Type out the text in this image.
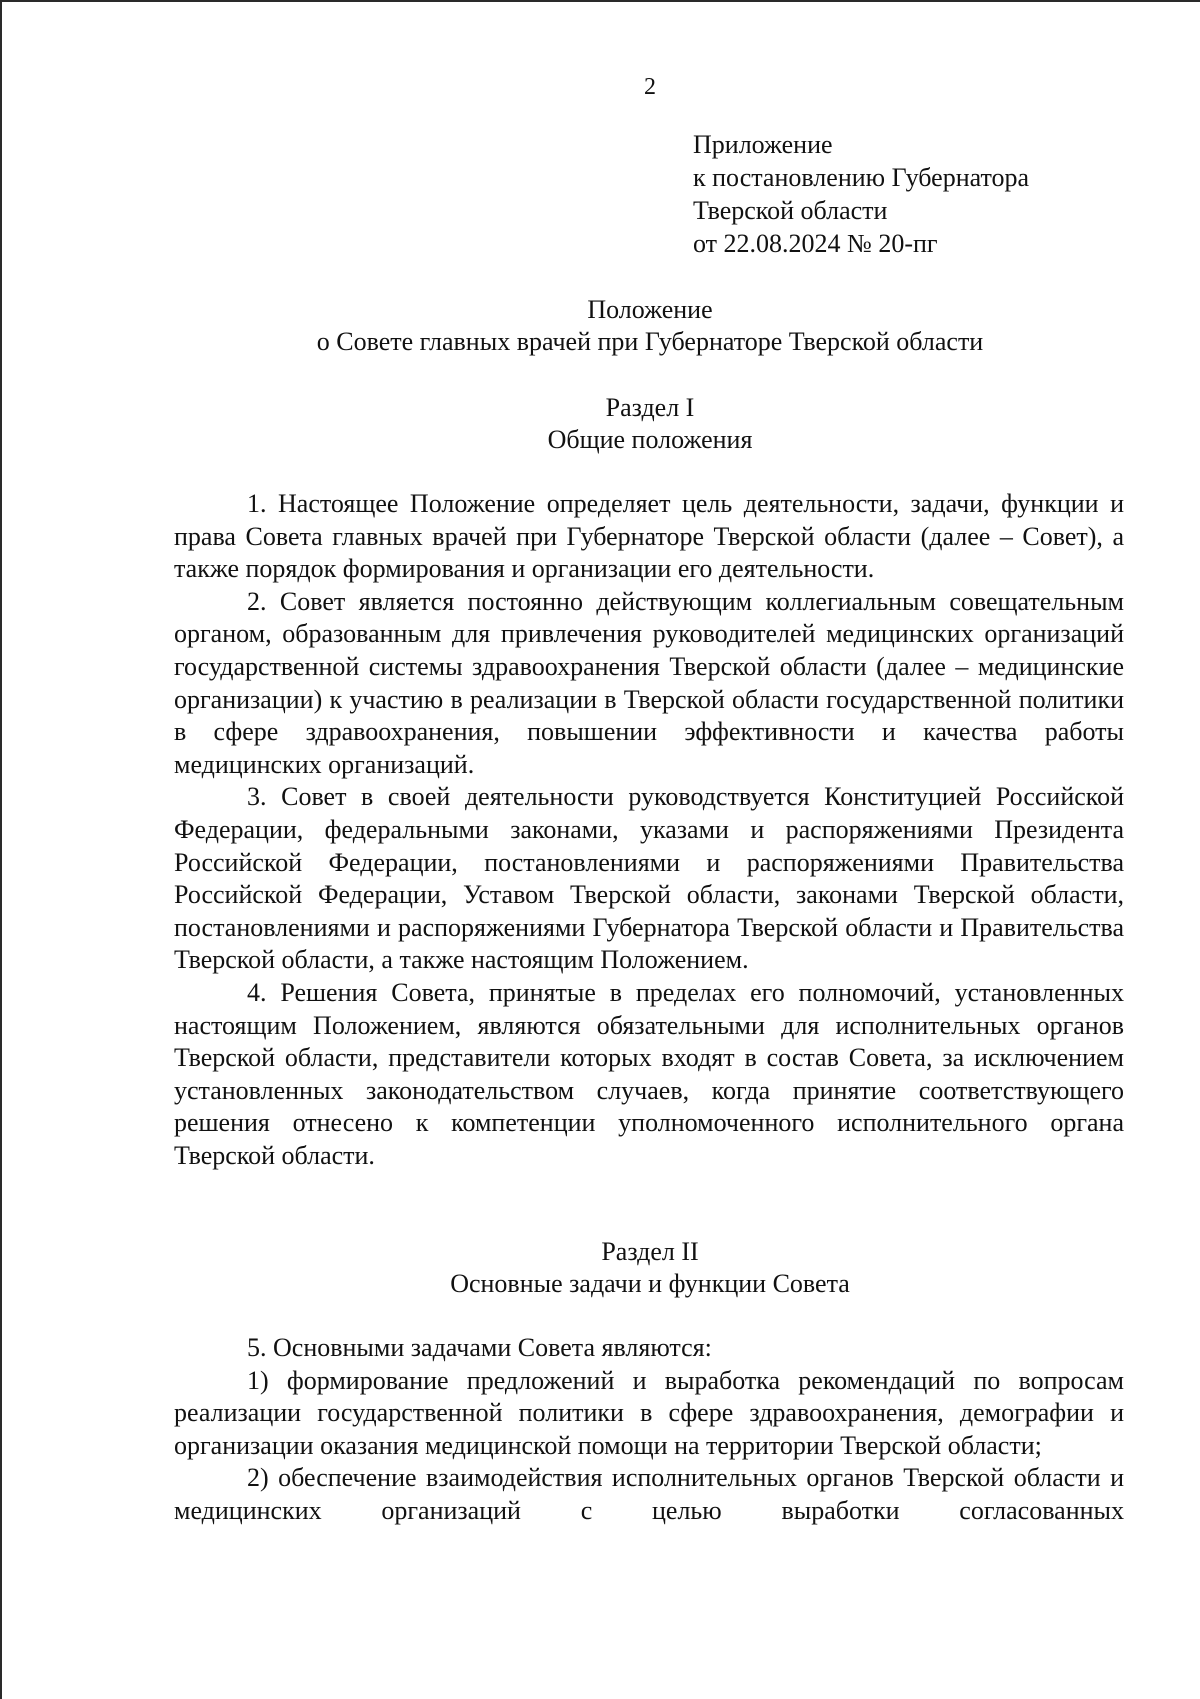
2
Приложение
к постановлению Губернатора
Тверской области
от 22.08.2024 № 20-пг
Положение
о Совете главных врачей при Губернаторе Тверской области
Раздел I
Общие положения

1. Настоящее Положение определяет цель деятельности, задачи, функции и права Совета главных врачей при Губернаторе Тверской области (далее – Совет), а также порядок формирования и организации его деятельности.

2. Совет является постоянно действующим коллегиальным совещательным органом, образованным для привлечения руководителей медицинских организаций государственной системы здравоохранения Тверской области (далее – медицинские организации) к участию в реализации в Тверской области государственной политики в сфере здравоохранения, повышении эффективности и качества работы медицинских организаций.

3. Совет в своей деятельности руководствуется Конституцией Российской Федерации, федеральными законами, указами и распоряжениями Президента Российской Федерации, постановлениями и распоряжениями Правительства Российской Федерации, Уставом Тверской области, законами Тверской области, постановлениями и распоряжениями Губернатора Тверской области и Правительства Тверской области, а также настоящим Положением.

4. Решения Совета, принятые в пределах его полномочий, установленных настоящим Положением, являются обязательными для исполнительных органов Тверской области, представители которых входят в состав Совета, за исключением установленных законодательством случаев, когда принятие соответствующего решения отнесено к компетенции уполномоченного исполнительного органа Тверской области.

Раздел II
Основные задачи и функции Совета

5. Основными задачами Совета являются:

1) формирование предложений и выработка рекомендаций по вопросам реализации государственной политики в сфере здравоохранения, демографии и организации оказания медицинской помощи на территории Тверской области;

2) обеспечение взаимодействия исполнительных органов Тверской области и медицинских организаций с целью выработки согласованных
